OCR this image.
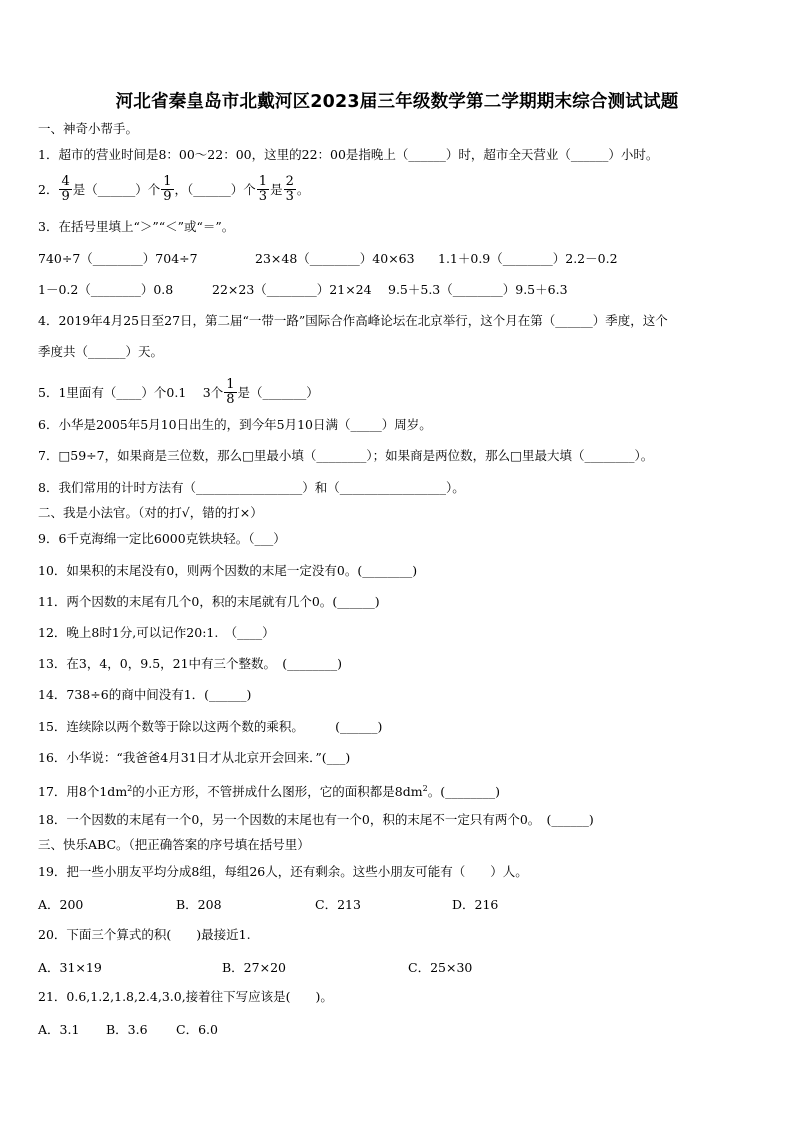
河北省秦皇岛市北戴河区2023届三年级数学第二学期期末综合测试试题
一、神奇小帮手。
1．超市的营业时间是8：00～22：00，这里的22：00是指晚上（______）时，超市全天营业（______）小时。
2． $\frac{4}{9}$ 是（______）个 $\frac{1}{9}$ ，（______）个 $\frac{1}{3}$ 是 $\frac{2}{3}$ 。
3．在括号里填上“＞”“＜”或“＝”。
740÷7（________）704÷7	23×48（________）40×63 1.1＋0.9（________）2.2－0.2
1－0.2（________）0.8	22×23（________）21×24 9.5＋5.3（________）9.5＋6.3
4．2019年4月25日至27日，第二届“一带一路”国际合作高峰论坛在北京举行，这个月在第（______）季度，这个
季度共（______）天。
5．1里面有（____）个0.1　 3个 $\frac{1}{8}$ 是（_______）
6．小华是2005年5月10日出生的，到今年5月10日满（_____）周岁。
7．□59÷7，如果商是三位数，那么□里最小填（________）；如果商是两位数，那么□里最大填（________）。
8．我们常用的计时方法有（_________________）和（_________________）。
二、我是小法官。（对的打√，错的打×）
9．6千克海绵一定比6000克铁块轻。（___）
10．如果积的末尾没有0，则两个因数的末尾一定没有0。(________)
11．两个因数的末尾有几个0，积的末尾就有几个0。(______)
12．晚上8时1分,可以记作20:1.　（____）
13．在3，4，0，9.5，21中有三个整数。　(________)
14．738÷6的商中间没有1．(______)
15．连续除以两个数等于除以这两个数的乘积。　　　(______)
16．小华说：“我爸爸4月31日才从北京开会回来．”(___)
17．用8个$1dm^2$的小正方形，不管拼成什么图形，它的面积都是$8dm^2$。(________)
18．一个因数的末尾有一个0，另一个因数的末尾也有一个0，积的末尾不一定只有两个0。　(______)
三、快乐ABC。（把正确答案的序号填在括号里）
19．把一些小朋友平均分成8组，每组26人，还有剩余。这些小朋友可能有（　　）人。
A．200	B．208	C．213	D．216
20．下面三个算式的积(　　)最接近1.
A．31×19	B．27×20	C．25×30
21．0.6,1.2,1.8,2.4,3.0,接着往下写应该是(　　)。
A．3.1 B．3.6 C．6.0
